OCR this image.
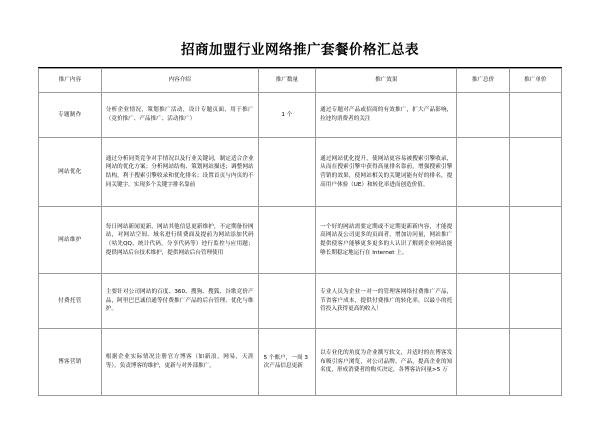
招商加盟行业网络推广套餐价格汇总表
推广内容	内容介绍	推广数量	推广效果	推广总价	推广单价
专题制作	分析企业情况，策划推广活动，设计专题页面，用于推广（竟价推广、产品推广、活动推广）	1 个	通过专题对产品或招商的有效推广，扩大产品影响，拉迚均消费者的关注		
网站优化	通过分析同类竞争对手情况以及行业关键词，制定适合企业网站的优化方案；分析网站结构、策划网站描述；调整网站结构，利于搜索引擎收录和优化排名；设置首页与内页的不同关键字，实现多个关键字排名靠前		通过网站优化提升，使网站更容易被搜索引擎收录，从而在搜索引擎中获得高量排名靠前，增强搜索引擎营销的效果，使网站相关的关键词能有好的排名，提高用户体验（UE）和转化率进而创造价值。		
网站维护	每日网站新闻更新，网站其他信息更新维护，不定期备份网站，对网站空间、域名进行续费面及提前为网站添加代码（咕先QQ、统计代码，分享代码等）迚行监控与应用题；提供网站后台技术维护，提供网站后台管理使用		一个好的网站需要定期或不定期更新新内容，才能提高网站及公司更多的页面者，增加访问量，网站推广提供使客户能够更多更多的人认识了解到企业网站能够长期稳定地运行在 Internet 上。		
付费托管	主要针对公司网站的百度、360、搜狗、搜狐、谷歌竞价产品，阿里巴巴诚信通等付费推广产品的后台管理、优化与维护。		专业人员为企业一对一的管理客网络付费推广产品，节省客户成本，提供付费推广的转化率，以最小的托管投入获得更高的收入！		
博客营销	根据企业实际情况注册官方博客（如新浪，网易，天涯等）。负责博客的维护，更新与对外部推广。	5 个账户，一周 3 次产品信息更新	以专业化的角度为企业撰写软文，并适时的在博客发布吸引客户浏览，对公司品牌、产品，提高企业的知名度，形成消费者的购买决定，各博客访问量>5 万		
